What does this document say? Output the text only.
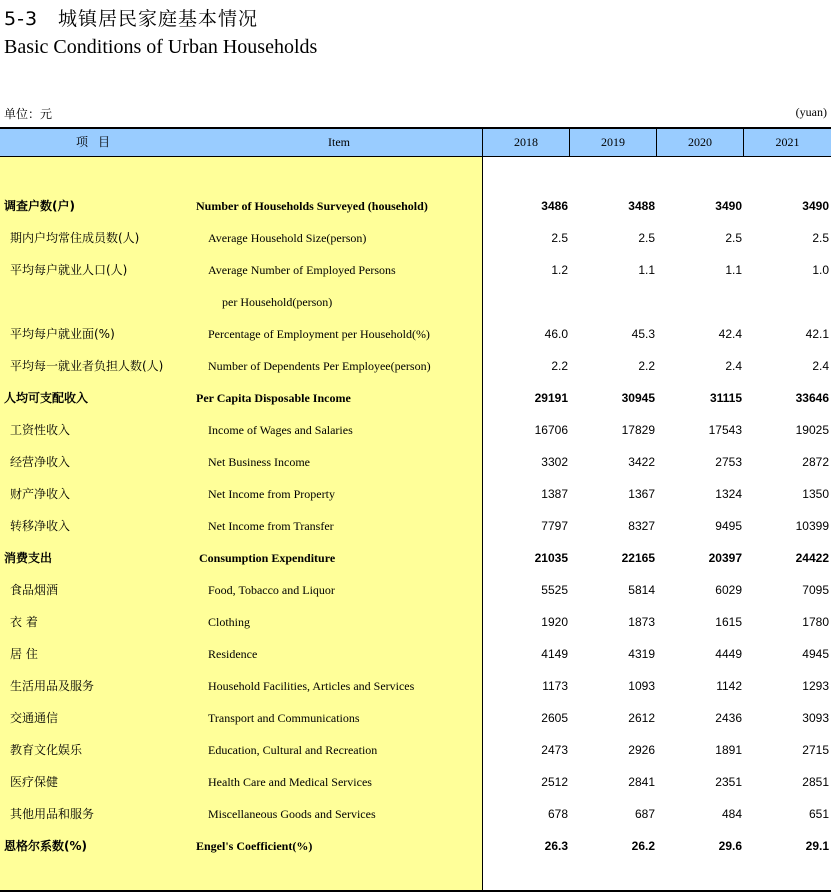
5-3　城镇居民家庭基本情况
Basic Conditions of Urban Households
单位：元	(yuan)
项目	Item	2018	2019	2020	2021
调查户数(户)	Number of Households Surveyed (household)	3486	3488	3490	3490
期内户均常住成员数(人)	Average Household Size(person)	2.5	2.5	2.5	2.5
平均每户就业人口(人)	Average Number of Employed Persons	1.2	1.1	1.1	1.0
per Household(person)
平均每户就业面(%)	Percentage of Employment per Household(%)	46.0	45.3	42.4	42.1
平均每一就业者负担人数(人)	Number of Dependents Per Employee(person)	2.2	2.2	2.4	2.4
人均可支配收入	Per Capita Disposable Income	29191	30945	31115	33646
工资性收入	Income of Wages and Salaries	16706	17829	17543	19025
经营净收入	Net Business Income	3302	3422	2753	2872
财产净收入	Net Income from Property	1387	1367	1324	1350
转移净收入	Net Income from Transfer	7797	8327	9495	10399
消费支出	Consumption Expenditure	21035	22165	20397	24422
食品烟酒	Food, Tobacco and Liquor	5525	5814	6029	7095
衣 着	Clothing	1920	1873	1615	1780
居 住	Residence	4149	4319	4449	4945
生活用品及服务	Household Facilities, Articles and Services	1173	1093	1142	1293
交通通信	Transport and Communications	2605	2612	2436	3093
教育文化娱乐	Education, Cultural and Recreation	2473	2926	1891	2715
医疗保健	Health Care and Medical Services	2512	2841	2351	2851
其他用品和服务	Miscellaneous Goods and Services	678	687	484	651
恩格尔系数(%)	Engel's Coefficient(%)	26.3	26.2	29.6	29.1
